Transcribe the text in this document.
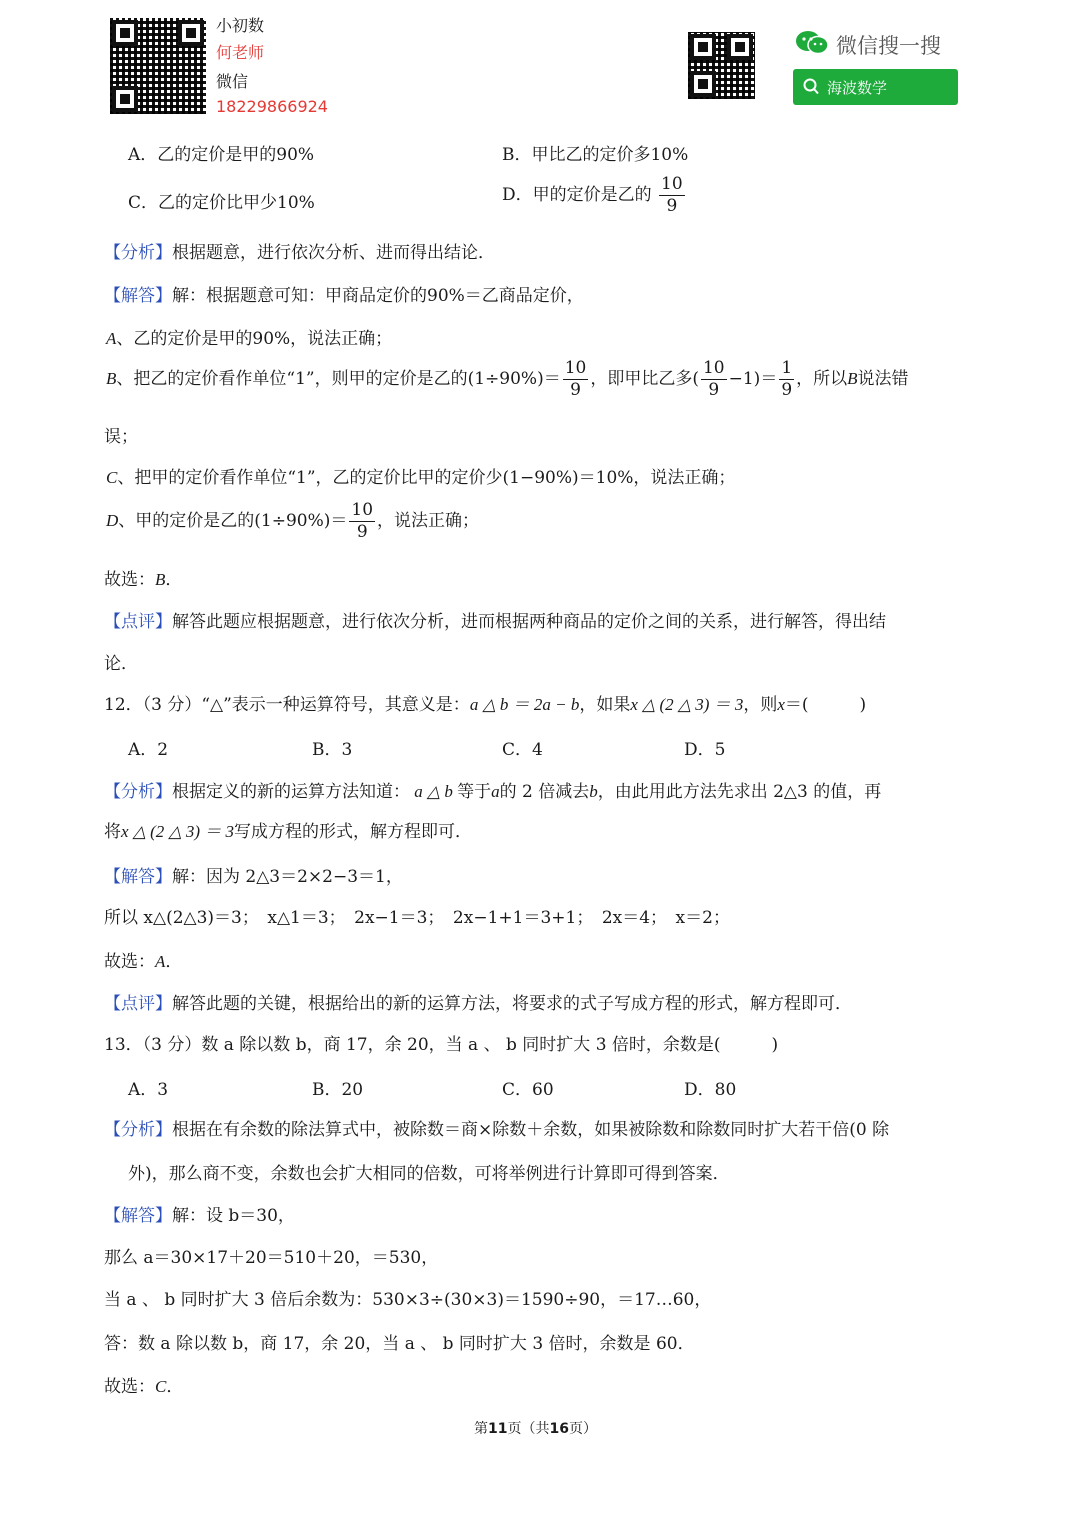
小初数
何老师
微信
18229866924
微信搜一搜
海波数学
A．乙的定价是甲的90%	B．甲比乙的定价多10%
C．乙的定价比甲少10%	D．甲的定价是乙的 $\frac{10}{9}$
【分析】根据题意，进行依次分析、进而得出结论．
【解答】解：根据题意可知：甲商品定价的90%＝乙商品定价，
A、乙的定价是甲的90%，说法正确；
B、把乙的定价看作单位“1”，则甲的定价是乙的$(1\div 90\%)= \frac{10}{9}$ ，即甲比乙多( $\frac{10}{9} -1)= \frac{1}{9}$ ，所以B说法错
误；
C、把甲的定价看作单位“1”，乙的定价比甲的定价少(1−90%)＝10%，说法正确；
D、甲的定价是乙的$(1\div 90\%)= \frac{10}{9}$ ，说法正确；
故选：B．
【点评】解答此题应根据题意，进行依次分析，进而根据两种商品的定价之间的关系，进行解答，得出结
论．
12．（3 分）“△”表示一种运算符号，其意义是：a △ b ＝ 2a − b，如果x △ (2 △ 3) ＝ 3，则x＝(　　　)
A．2	B．3	C．4	D．5
【分析】根据定义的新的运算方法知道： a △ b 等于a的 2 倍减去b，由此用此方法先求出 2△3 的值，再
将x △ (2 △ 3) ＝ 3写成方程的形式，解方程即可．
【解答】解：因为 2△3＝2×2−3＝1，
所以 x△(2△3)＝3；　x△1＝3；　2x−1＝3；　2x−1+1＝3+1；　2x＝4；　x＝2；
故选：A．
【点评】解答此题的关键，根据给出的新的运算方法，将要求的式子写成方程的形式，解方程即可．
13．（3 分）数 a 除以数 b，商 17，余 20，当 a 、 b 同时扩大 3 倍时，余数是(　　　)
A．3	B．20	C．60	D．80
【分析】根据在有余数的除法算式中，被除数＝商×除数＋余数，如果被除数和除数同时扩大若干倍(0 除
外)，那么商不变，余数也会扩大相同的倍数，可将举例进行计算即可得到答案．
【解答】解：设 b＝30，
那么 a＝30×17＋20＝510＋20，＝530，
当 a 、 b 同时扩大 3 倍后余数为：530×3÷(30×3)＝1590÷90，＝17…60，
答：数 a 除以数 b，商 17，余 20，当 a 、 b 同时扩大 3 倍时，余数是 60．
故选：C．
第11页（共16页）
